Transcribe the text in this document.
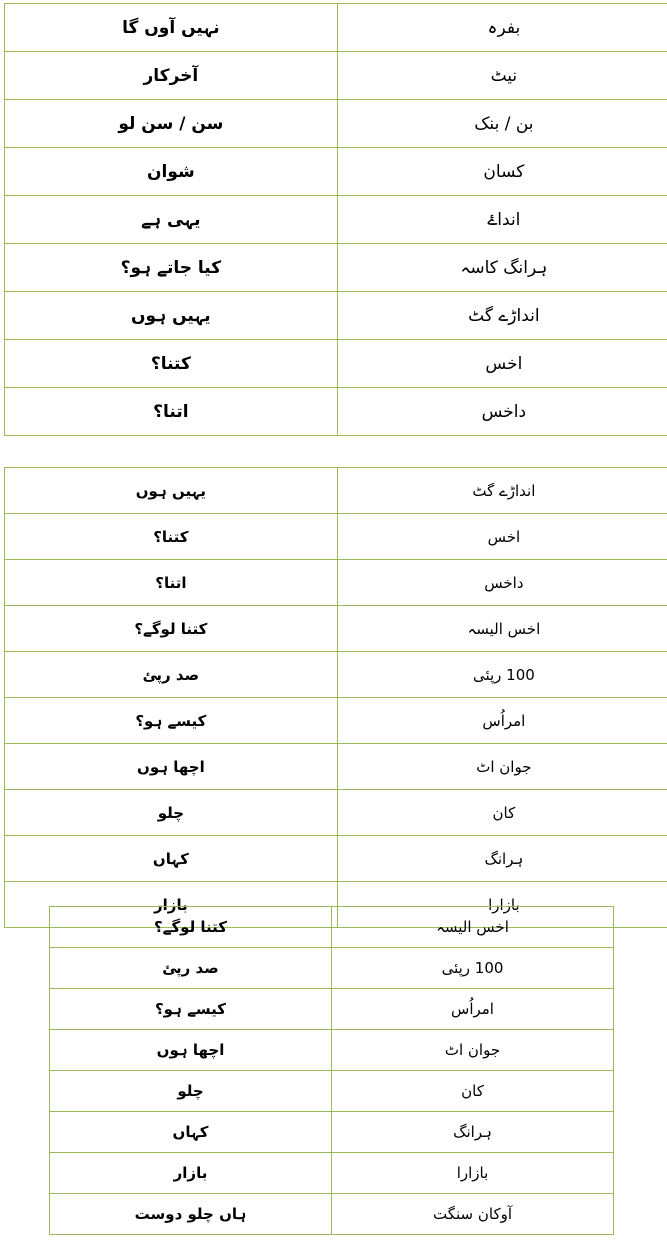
نہیں آوں گا	بفرہ
آخرکار	نیٹ
سن / سن لو	بن / بنک
شوان	کسان
یہی ہے	انداۓ
کیا جاتے ہو؟	ہرانگ کاسہ
یہیں ہوں	انداڑے گٹ
کتنا؟	اخس
اتنا؟	داخس
یہیں ہوں	انداڑے گٹ
کتنا؟	اخس
اتنا؟	داخس
کتنا لوگے؟	اخس الیسہ
صد رپئ	100 رپئی
کیسے ہو؟	امراُس
اچھا ہوں	جوان اٹ
چلو	کان
کہاں	ہرانگ
بازار	بازارا
کتنا لوگے؟	اخس الیسہ
صد رپئ	100 رپئی
کیسے ہو؟	امراُس
اچھا ہوں	جوان اٹ
چلو	کان
کہاں	ہرانگ
بازار	بازارا
ہاں چلو دوست	آوکان سنگت
